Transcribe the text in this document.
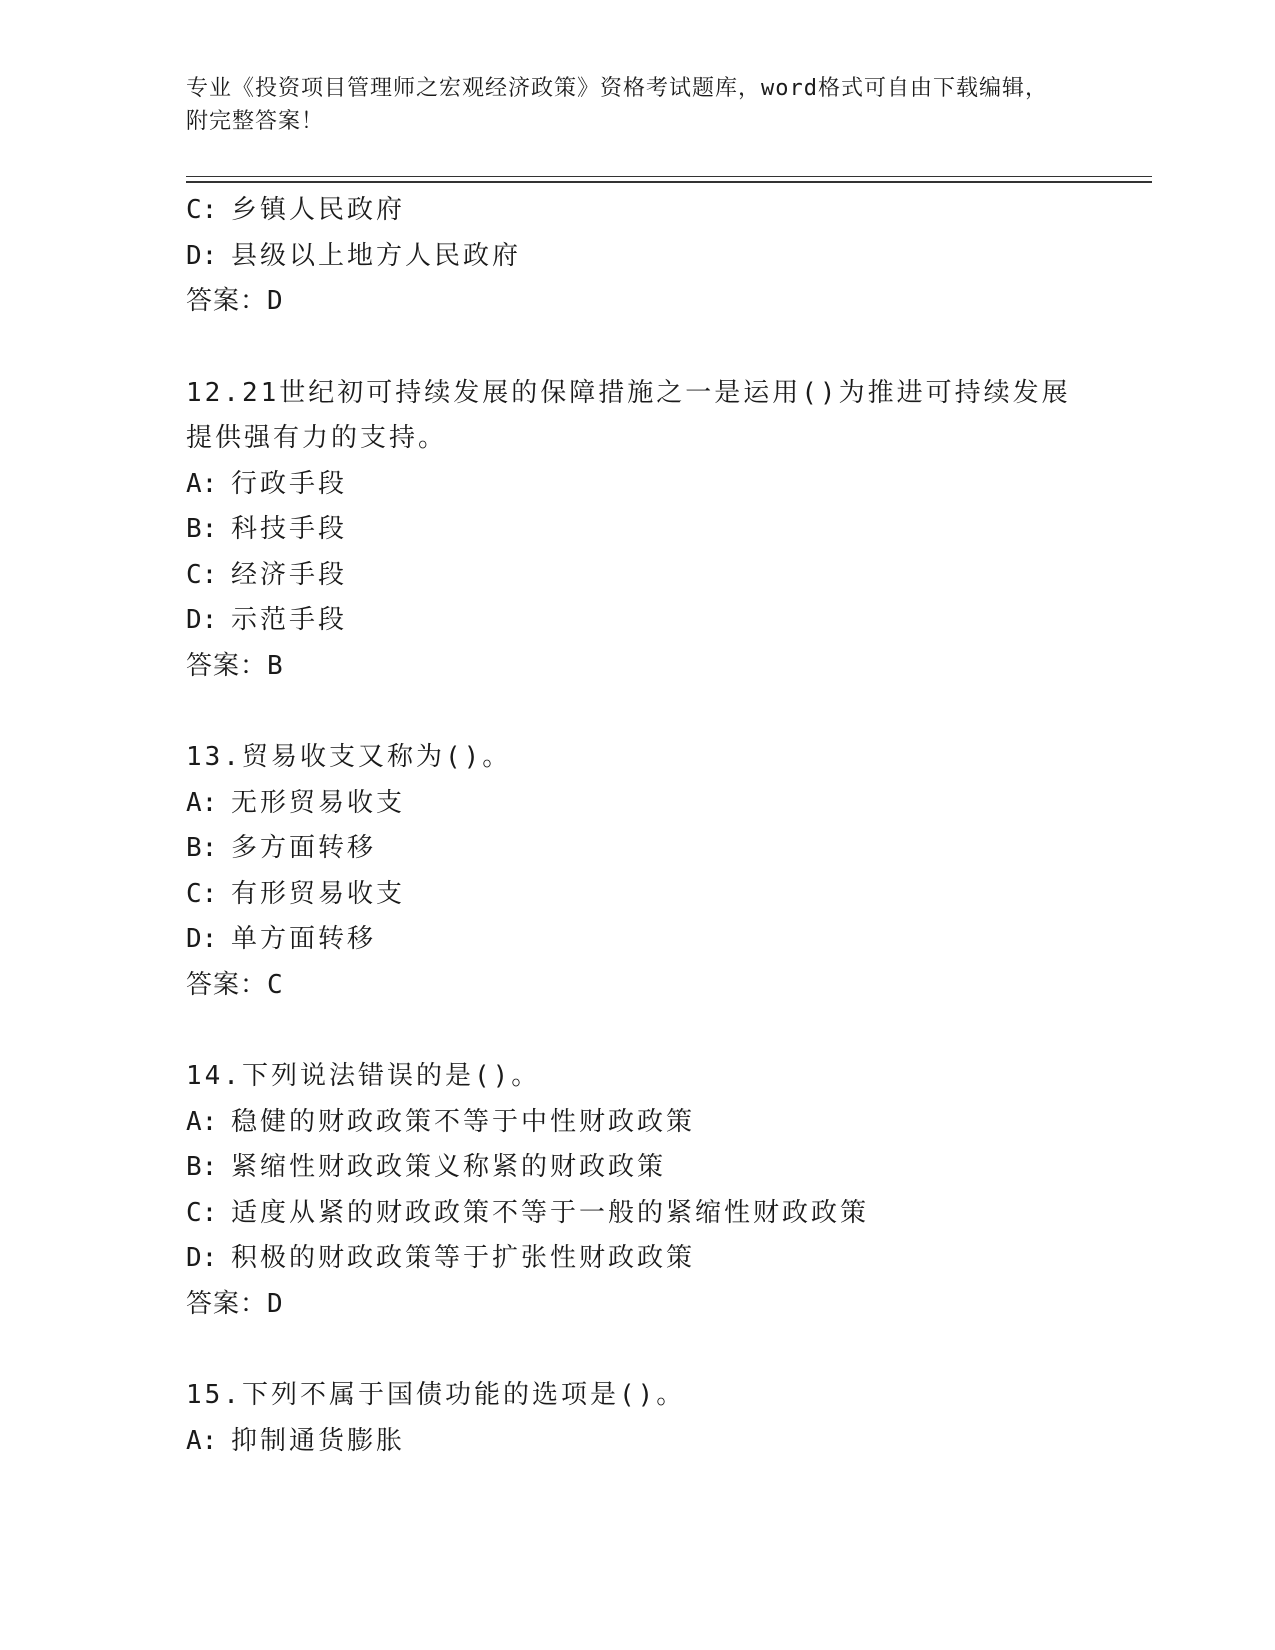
专业《投资项目管理师之宏观经济政策》资格考试题库，word格式可自由下载编辑，附完整答案！
C: 乡镇人民政府
D: 县级以上地方人民政府
答案：D
12.21世纪初可持续发展的保障措施之一是运用()为推进可持续发展提供强有力的支持。
A: 行政手段
B: 科技手段
C: 经济手段
D: 示范手段
答案：B
13.贸易收支又称为()。
A: 无形贸易收支
B: 多方面转移
C: 有形贸易收支
D: 单方面转移
答案：C
14.下列说法错误的是()。
A: 稳健的财政政策不等于中性财政政策
B: 紧缩性财政政策义称紧的财政政策
C: 适度从紧的财政政策不等于一般的紧缩性财政政策
D: 积极的财政政策等于扩张性财政政策
答案：D
15.下列不属于国债功能的选项是()。
A: 抑制通货膨胀
